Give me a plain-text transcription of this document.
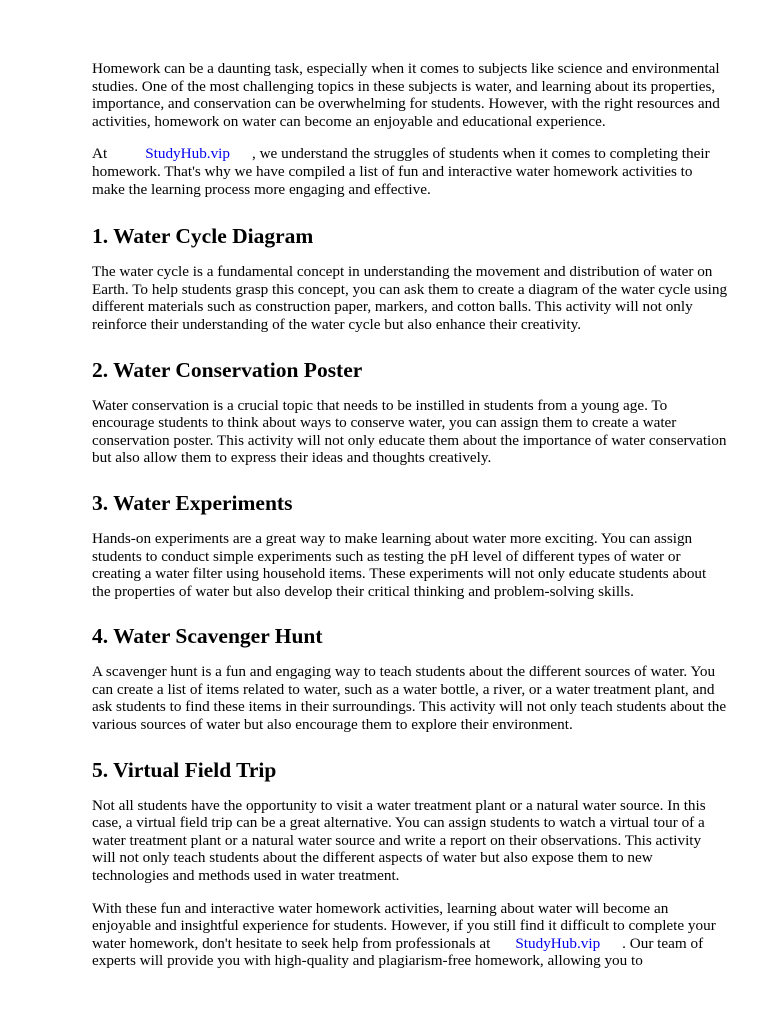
Homework can be a daunting task, especially when it comes to subjects like science and environmental studies. One of the most challenging topics in these subjects is water, and learning about its properties, importance, and conservation can be overwhelming for students. However, with the right resources and activities, homework on water can become an enjoyable and educational experience.

At	StudyHub.vip , we understand the struggles of students when it comes to completing their homework. That's why we have compiled a list of fun and interactive water homework activities to make the learning process more engaging and effective.

1. Water Cycle Diagram

The water cycle is a fundamental concept in understanding the movement and distribution of water on Earth. To help students grasp this concept, you can ask them to create a diagram of the water cycle using different materials such as construction paper, markers, and cotton balls. This activity will not only reinforce their understanding of the water cycle but also enhance their creativity.

2. Water Conservation Poster

Water conservation is a crucial topic that needs to be instilled in students from a young age. To encourage students to think about ways to conserve water, you can assign them to create a water conservation poster. This activity will not only educate them about the importance of water conservation but also allow them to express their ideas and thoughts creatively.

3. Water Experiments

Hands-on experiments are a great way to make learning about water more exciting. You can assign students to conduct simple experiments such as testing the pH level of different types of water or creating a water filter using household items. These experiments will not only educate students about the properties of water but also develop their critical thinking and problem-solving skills.

4. Water Scavenger Hunt

A scavenger hunt is a fun and engaging way to teach students about the different sources of water. You can create a list of items related to water, such as a water bottle, a river, or a water treatment plant, and ask students to find these items in their surroundings. This activity will not only teach students about the various sources of water but also encourage them to explore their environment.

5. Virtual Field Trip

Not all students have the opportunity to visit a water treatment plant or a natural water source. In this case, a virtual field trip can be a great alternative. You can assign students to watch a virtual tour of a water treatment plant or a natural water source and write a report on their observations. This activity will not only teach students about the different aspects of water but also expose them to new technologies and methods used in water treatment.

With these fun and interactive water homework activities, learning about water will become an enjoyable and insightful experience for students. However, if you still find it difficult to complete your water homework, don't hesitate to seek help from professionals at StudyHub.vip . Our team of experts will provide you with high-quality and plagiarism-free homework, allowing you to
